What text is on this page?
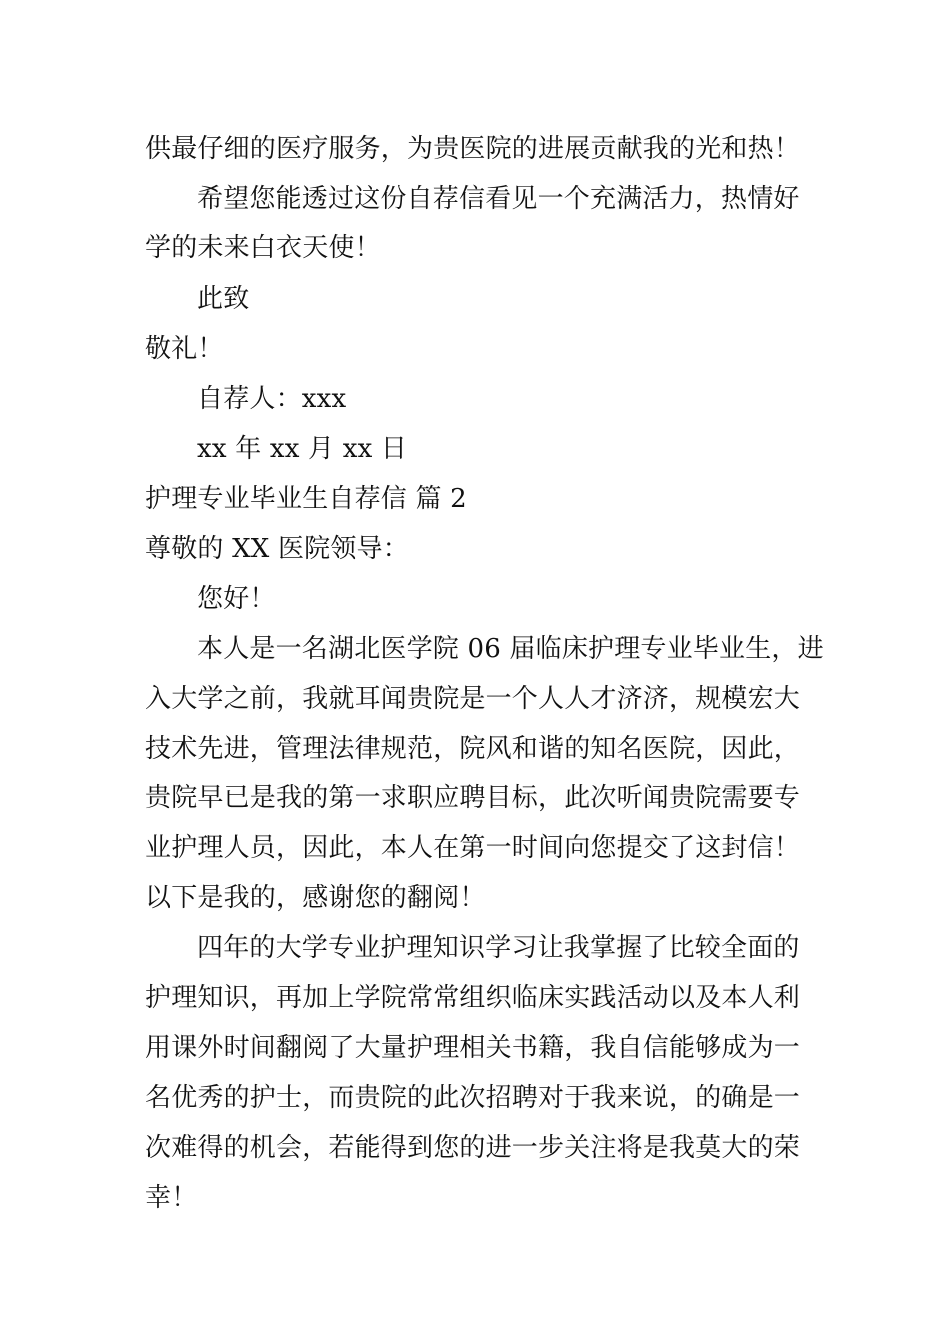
供最仔细的医疗服务，为贵医院的进展贡献我的光和热！

希望您能透过这份自荐信看见一个充满活力，热情好

学的未来白衣天使！

此致

敬礼！

自荐人：xxx

xx 年 xx 月 xx 日

护理专业毕业生自荐信 篇 2

尊敬的 XX 医院领导：

您好！

本人是一名湖北医学院 06 届临床护理专业毕业生，进

入大学之前，我就耳闻贵院是一个人人才济济，规模宏大

技术先进，管理法律规范，院风和谐的知名医院，因此，

贵院早已是我的第一求职应聘目标，此次听闻贵院需要专

业护理人员，因此，本人在第一时间向您提交了这封信！

以下是我的，感谢您的翻阅！

四年的大学专业护理知识学习让我掌握了比较全面的

护理知识，再加上学院常常组织临床实践活动以及本人利

用课外时间翻阅了大量护理相关书籍，我自信能够成为一

名优秀的护士，而贵院的此次招聘对于我来说，的确是一

次难得的机会，若能得到您的进一步关注将是我莫大的荣

幸！
